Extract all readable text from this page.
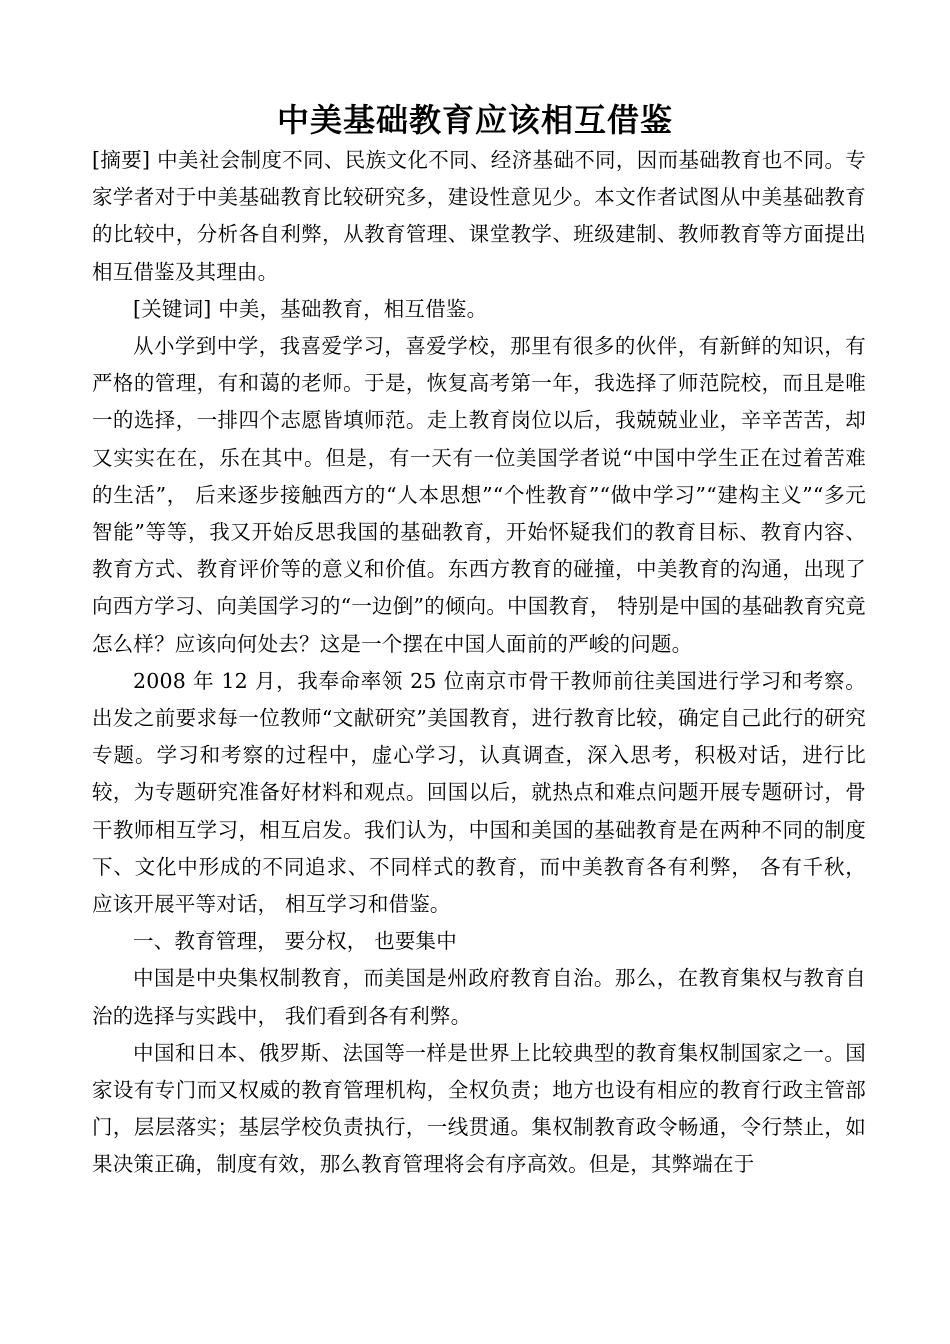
中美基础教育应该相互借鉴

[摘要] 中美社会制度不同、民族文化不同、经济基础不同，因而基础教育也不同。专家学者对于中美基础教育比较研究多，建设性意见少。本文作者试图从中美基础教育的比较中，分析各自利弊，从教育管理、课堂教学、班级建制、教师教育等方面提出相互借鉴及其理由。

[关键词] 中美，基础教育，相互借鉴。

从小学到中学，我喜爱学习，喜爱学校，那里有很多的伙伴，有新鲜的知识，有严格的管理，有和蔼的老师。于是，恢复高考第一年，我选择了师范院校，而且是唯一的选择，一排四个志愿皆填师范。走上教育岗位以后，我兢兢业业，辛辛苦苦，却又实实在在，乐在其中。但是，有一天有一位美国学者说“中国中学生正在过着苦难的生活”， 后来逐步接触西方的“人本思想”“个性教育”“做中学习”“建构主义”“多元智能”等等，我又开始反思我国的基础教育，开始怀疑我们的教育目标、教育内容、教育方式、教育评价等的意义和价值。东西方教育的碰撞，中美教育的沟通，出现了向西方学习、向美国学习的“一边倒”的倾向。中国教育， 特别是中国的基础教育究竟怎么样？应该向何处去？这是一个摆在中国人面前的严峻的问题。

2008 年 12 月，我奉命率领 25 位南京市骨干教师前往美国进行学习和考察。出发之前要求每一位教师“文献研究”美国教育，进行教育比较，确定自己此行的研究专题。学习和考察的过程中，虚心学习，认真调查，深入思考，积极对话，进行比较，为专题研究准备好材料和观点。回国以后，就热点和难点问题开展专题研讨，骨干教师相互学习，相互启发。我们认为，中国和美国的基础教育是在两种不同的制度下、文化中形成的不同追求、不同样式的教育，而中美教育各有利弊， 各有千秋， 应该开展平等对话， 相互学习和借鉴。

一、教育管理， 要分权， 也要集中

中国是中央集权制教育，而美国是州政府教育自治。那么，在教育集权与教育自治的选择与实践中， 我们看到各有利弊。

中国和日本、俄罗斯、法国等一样是世界上比较典型的教育集权制国家之一。国家设有专门而又权威的教育管理机构，全权负责；地方也设有相应的教育行政主管部门，层层落实；基层学校负责执行，一线贯通。集权制教育政令畅通，令行禁止，如果决策正确，制度有效，那么教育管理将会有序高效。但是，其弊端在于
